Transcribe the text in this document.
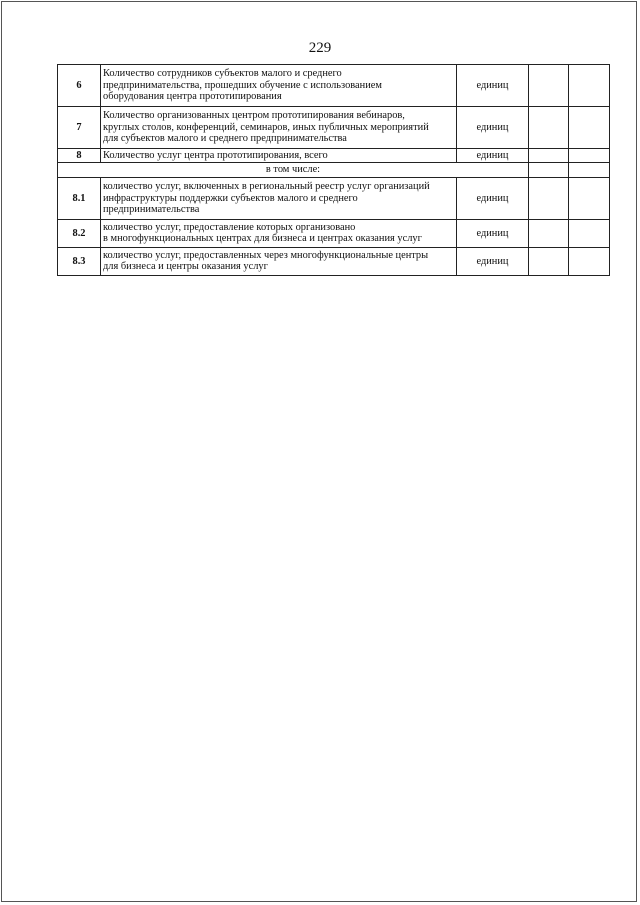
229
6	Количество сотрудников субъектов малого и среднего
предпринимательства, прошедших обучение с использованием
оборудования центра прототипирования	единиц		
7	Количество организованных центром прототипирования вебинаров,
круглых столов, конференций, семинаров, иных публичных мероприятий
для субъектов малого и среднего предпринимательства	единиц		
8	Количество услуг центра прототипирования, всего	единиц		
в том числе:				
8.1	количество услуг, включенных в региональный реестр услуг организаций
инфраструктуры поддержки субъектов малого и среднего
предпринимательства	единиц		
8.2	количество услуг, предоставление которых организовано
в многофункциональных центрах для бизнеса и центрах оказания услуг	единиц		
8.3	количество услуг, предоставленных через многофункциональные центры
для бизнеса и центры оказания услуг	единиц		
